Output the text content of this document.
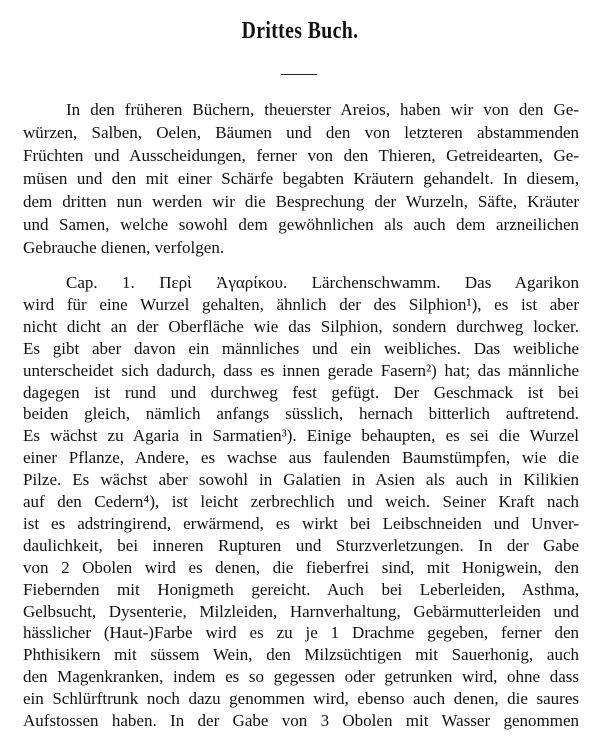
Drittes Buch.
In den früheren Büchern, theuerster Areios, haben wir von den Ge-
würzen, Salben, Oelen, Bäumen und den von letzteren abstammenden
Früchten und Ausscheidungen, ferner von den Thieren, Getreidearten, Ge-
müsen und den mit einer Schärfe begabten Kräutern gehandelt. In diesem,
dem dritten nun werden wir die Besprechung der Wurzeln, Säfte, Kräuter
und Samen, welche sowohl dem gewöhnlichen als auch dem arzneilichen
Gebrauche dienen, verfolgen.
Cap. 1. Περὶ Ἀγαρίκου. Lärchenschwamm. Das Agarikon
wird für eine Wurzel gehalten, ähnlich der des Silphion¹), es ist aber
nicht dicht an der Oberfläche wie das Silphion, sondern durchweg locker.
Es gibt aber davon ein männliches und ein weibliches. Das weibliche
unterscheidet sich dadurch, dass es innen gerade Fasern²) hat; das männliche
dagegen ist rund und durchweg fest gefügt. Der Geschmack ist bei
beiden gleich, nämlich anfangs süsslich, hernach bitterlich auftretend.
Es wächst zu Agaria in Sarmatien³). Einige behaupten, es sei die Wurzel
einer Pflanze, Andere, es wachse aus faulenden Baumstümpfen, wie die
Pilze. Es wächst aber sowohl in Galatien in Asien als auch in Kilikien
auf den Cedern⁴), ist leicht zerbrechlich und weich. Seiner Kraft nach
ist es adstringirend, erwärmend, es wirkt bei Leibschneiden und Unver-
daulichkeit, bei inneren Rupturen und Sturzverletzungen. In der Gabe
von 2 Obolen wird es denen, die fieberfrei sind, mit Honigwein, den
Fiebernden mit Honigmeth gereicht. Auch bei Leberleiden, Asthma,
Gelbsucht, Dysenterie, Milzleiden, Harnverhaltung, Gebärmutterleiden und
hässlicher (Haut-)Farbe wird es zu je 1 Drachme gegeben, ferner den
Phthisikern mit süssem Wein, den Milzsüchtigen mit Sauerhonig, auch
den Magenkranken, indem es so gegessen oder getrunken wird, ohne dass
ein Schlürftrunk noch dazu genommen wird, ebenso auch denen, die saures
Aufstossen haben. In der Gabe von 3 Obolen mit Wasser genommen
